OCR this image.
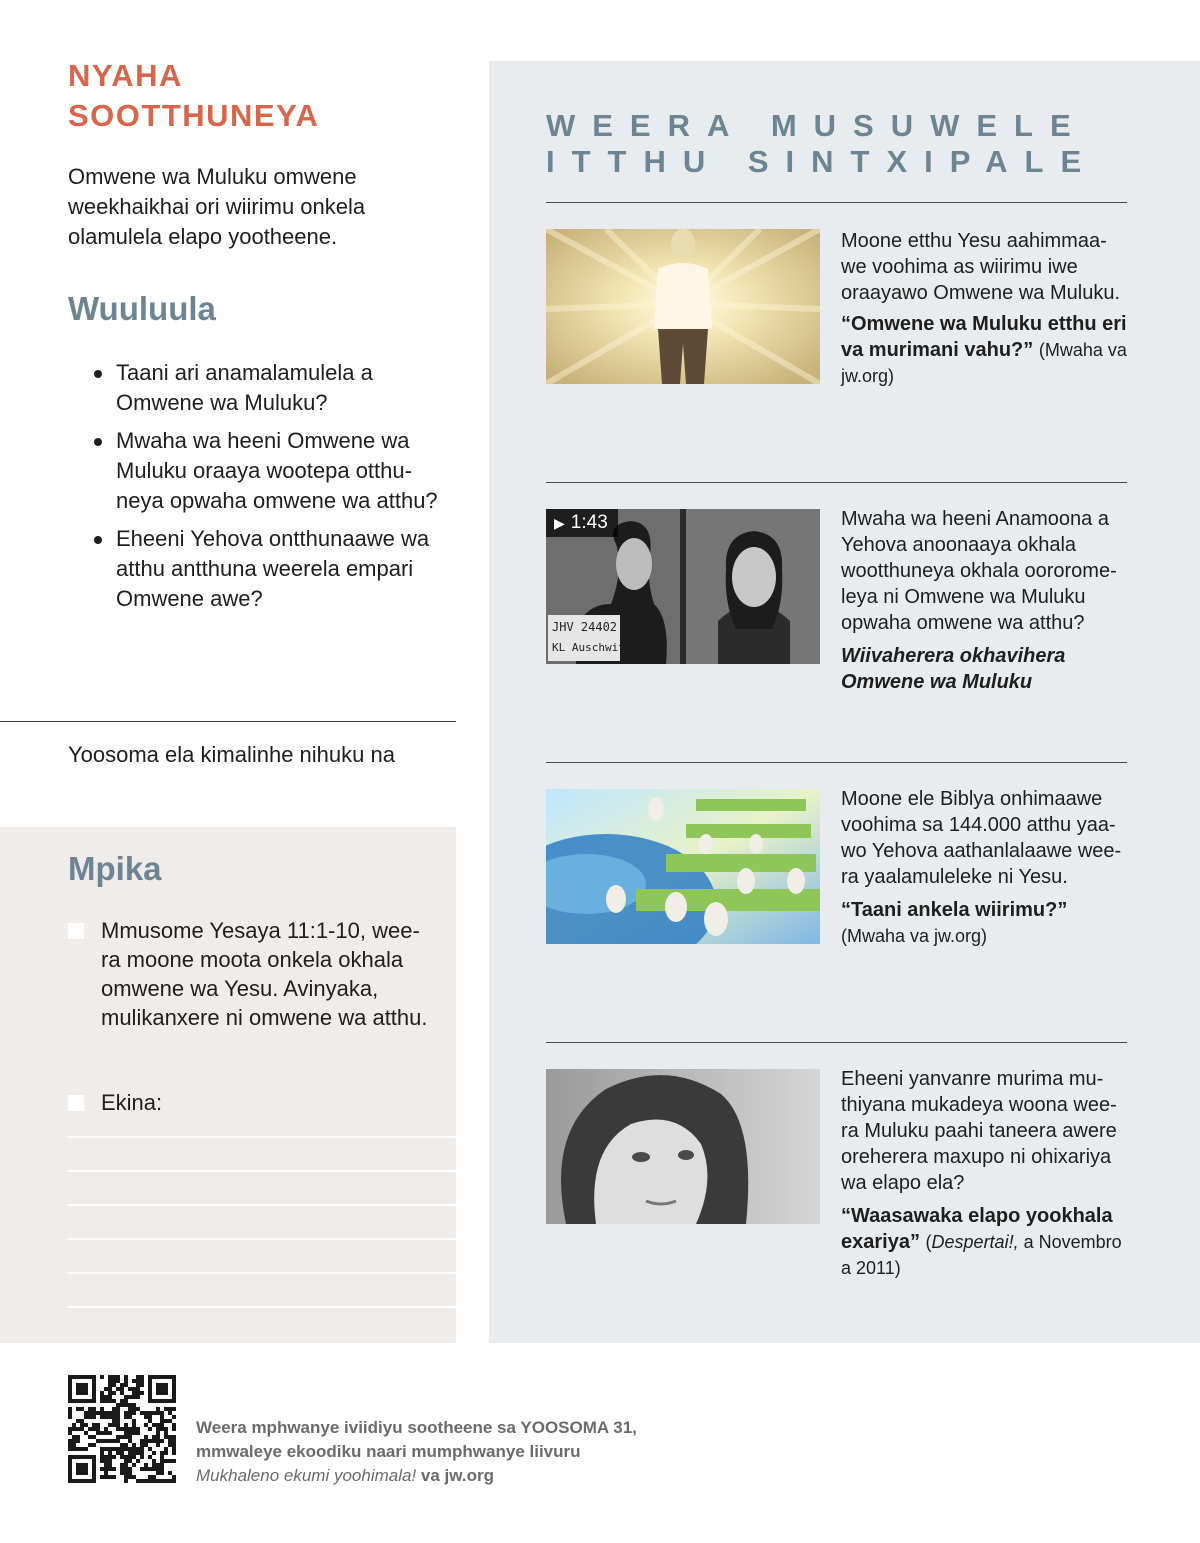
NYAHA SOOTTHUNEYA
Omwene wa Muluku omwene weekhaikhai ori wiirimu onkela olamulela elapo yootheene.
Wuuluula
Taani ari anamalamulela a Omwene wa Muluku?
Mwaha wa heeni Omwene wa Muluku oraaya wootepa otthu- neya opwaha omwene wa atthu?
Eheeni Yehova ontthunaawe wa atthu antthuna weerela empari Omwene awe?
Yoosoma ela kimalinhe nihuku na
Mpika
Mmusome Yesaya 11:1-10, wee- ra moone moota onkela okhala omwene wa Yesu. Avinyaka, mulikanxere ni omwene wa atthu.
Ekina:
WEERA MUSUWELE ITTHU SINTXIPALE
Moone etthu Yesu aahimmaa- we voohima as wiirimu iwe oraayawo Omwene wa Muluku.
“Omwene wa Muluku etthu eri va murimani vahu?” (Mwaha va jw.org)
JHV 24402
KL Auschwitz
▶ 1:43	Mwaha wa heeni Anamoona a Yehova anoonaaya okhala wootthuneya okhala oororome- leya ni Omwene wa Muluku opwaha omwene wa atthu?
Wiivaherera okhavihera Omwene wa Muluku
Moone ele Biblya onhimaawe voohima sa 144.000 atthu yaa- wo Yehova aathanlalaawe wee- ra yaalamuleleke ni Yesu.
“Taani ankela wiirimu?”
(Mwaha va jw.org)
Eheeni yanvanre murima mu- thiyana mukadeya woona wee- ra Muluku paahi taneera awere oreherera maxupo ni ohixariya wa elapo ela?
“Waasawaka elapo yookhala exariya” (Despertai!, a Novembro a 2011)
Weera mphwanye iviidiyu sootheene sa YOOSOMA 31,
mmwaleye ekoodiku naari mumphwanye liivuru
Mukhaleno ekumi yoohimala! va jw.org
